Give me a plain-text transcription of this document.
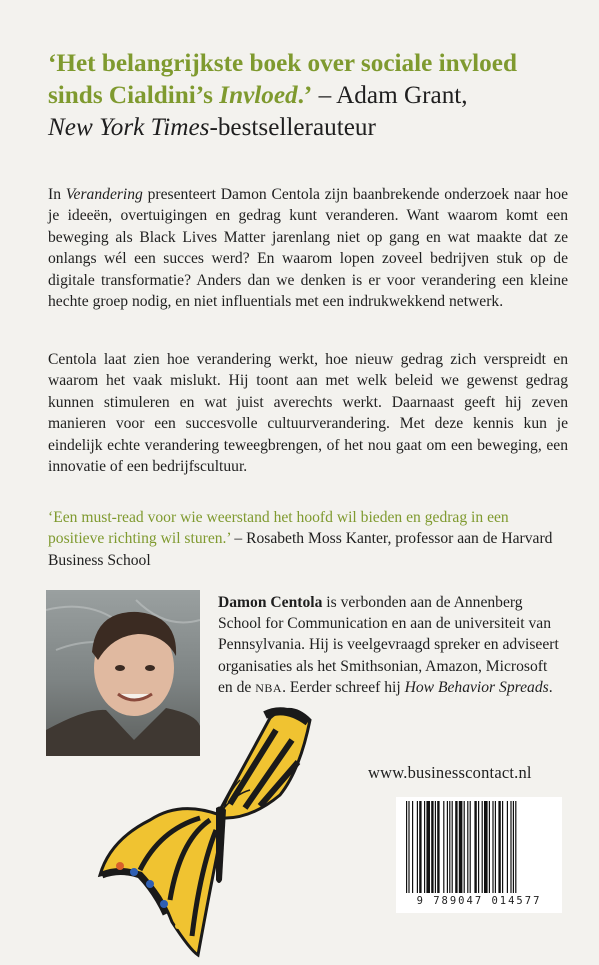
‘Het belangrijkste boek over sociale invloed sinds Cialdini’s Invloed.’ – Adam Grant,
New York Times-bestsellerauteur
In Verandering presenteert Damon Centola zijn baanbrekende onderzoek naar hoe je ideeën, overtuigingen en gedrag kunt veranderen. Want waarom komt een beweging als Black Lives Matter jarenlang niet op gang en wat maakte dat ze onlangs wél een succes werd? En waarom lopen zoveel bedrijven stuk op de digitale transformatie? Anders dan we denken is er voor verandering een kleine hechte groep nodig, en niet influentials met een indrukwekkend netwerk.
Centola laat zien hoe verandering werkt, hoe nieuw gedrag zich verspreidt en waarom het vaak mislukt. Hij toont aan met welk beleid we gewenst gedrag kunnen stimuleren en wat juist averechts werkt. Daarnaast geeft hij zeven manieren voor een succesvolle cultuurverandering. Met deze kennis kun je eindelijk echte verandering teweegbrengen, of het nou gaat om een beweging, een innovatie of een bedrijfscultuur.
‘Een must-read voor wie weerstand het hoofd wil bieden en gedrag in een positieve richting wil sturen.’ – Rosabeth Moss Kanter, professor aan de Harvard Business School
Damon Centola is verbonden aan de Annenberg School for Communication en aan de universiteit van Pennsylvania. Hij is veelgevraagd spreker en adviseert organisaties als het Smithsonian, Amazon, Microsoft en de NBA. Eerder schreef hij How Behavior Spreads.
www.businesscontact.nl
9 789047 014577
